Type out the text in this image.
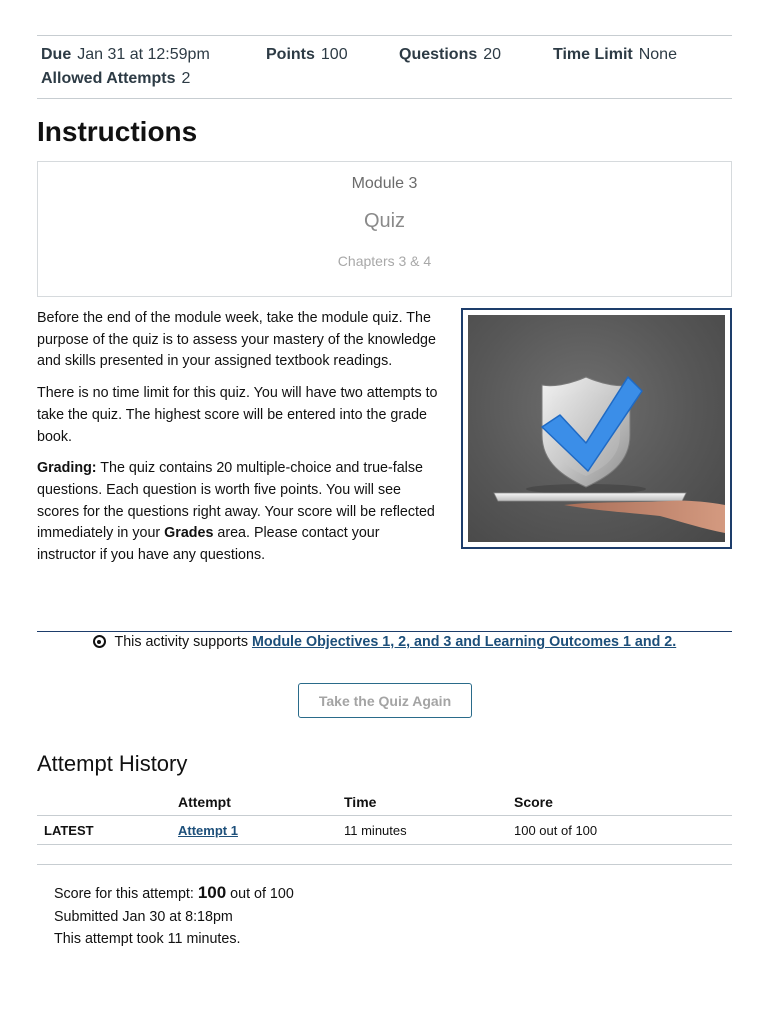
Due Jan 31 at 12:59pm	Points 100	Questions 20	Time Limit None
Allowed Attempts 2
Instructions
Module 3
Quiz
Chapters 3 & 4

Before the end of the module week, take the module quiz. The purpose of the quiz is to assess your mastery of the knowledge and skills presented in your assigned textbook readings.

There is no time limit for this quiz. You will have two attempts to take the quiz. The highest score will be entered into the grade book.

Grading: The quiz contains 20 multiple-choice and true-false questions. Each question is worth five points. You will see scores for the questions right away. Your score will be reflected immediately in your Grades area. Please contact your instructor if you have any questions.

This activity supports Module Objectives 1, 2, and 3 and Learning Outcomes 1 and 2.
Take the Quiz Again
Attempt History
	Attempt	Time	Score
LATEST	Attempt 1	11 minutes	100 out of 100
Score for this attempt: 100 out of 100
Submitted Jan 30 at 8:18pm
This attempt took 11 minutes.
